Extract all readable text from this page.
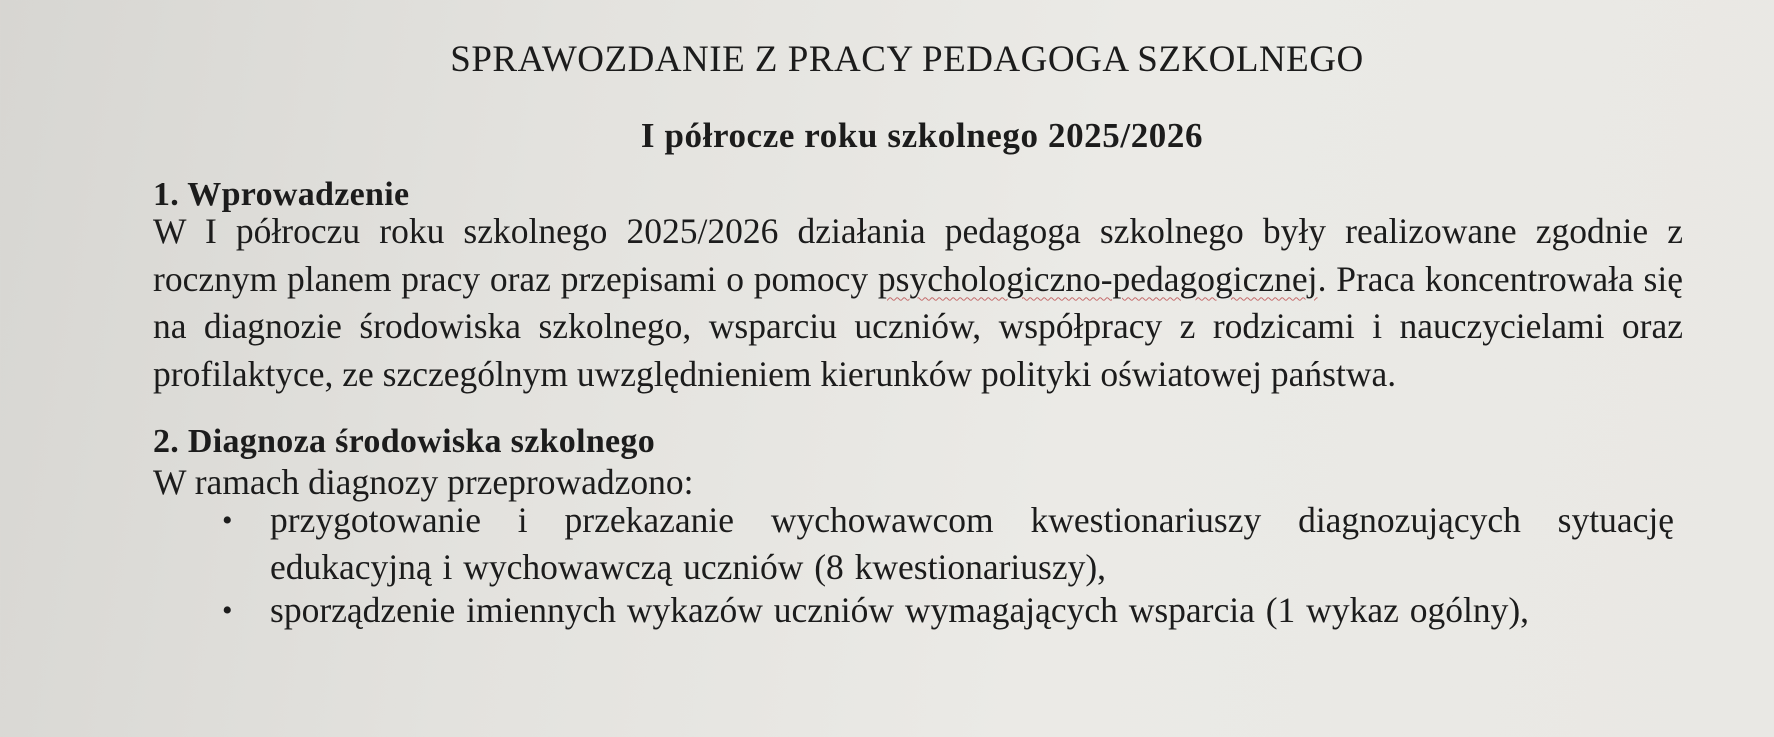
SPRAWOZDANIE Z PRACY PEDAGOGA SZKOLNEGO
I półrocze roku szkolnego 2025/2026
1. Wprowadzenie
W I półroczu roku szkolnego 2025/2026 działania pedagoga szkolnego były realizowane zgodnie z rocznym planem pracy oraz przepisami o pomocy psychologiczno-pedagogicznej. Praca koncentrowała się na diagnozie środowiska szkolnego, wsparciu uczniów, współpracy z rodzicami i nauczycielami oraz profilaktyce, ze szczególnym uwzględnieniem kierunków polityki oświatowej państwa.
2. Diagnoza środowiska szkolnego
W ramach diagnozy przeprowadzono:
• przygotowanie i przekazanie wychowawcom kwestionariuszy diagnozujących sytuację edukacyjną i wychowawczą uczniów (8 kwestionariuszy),
• sporządzenie imiennych wykazów uczniów wymagających wsparcia (1 wykaz ogólny),
